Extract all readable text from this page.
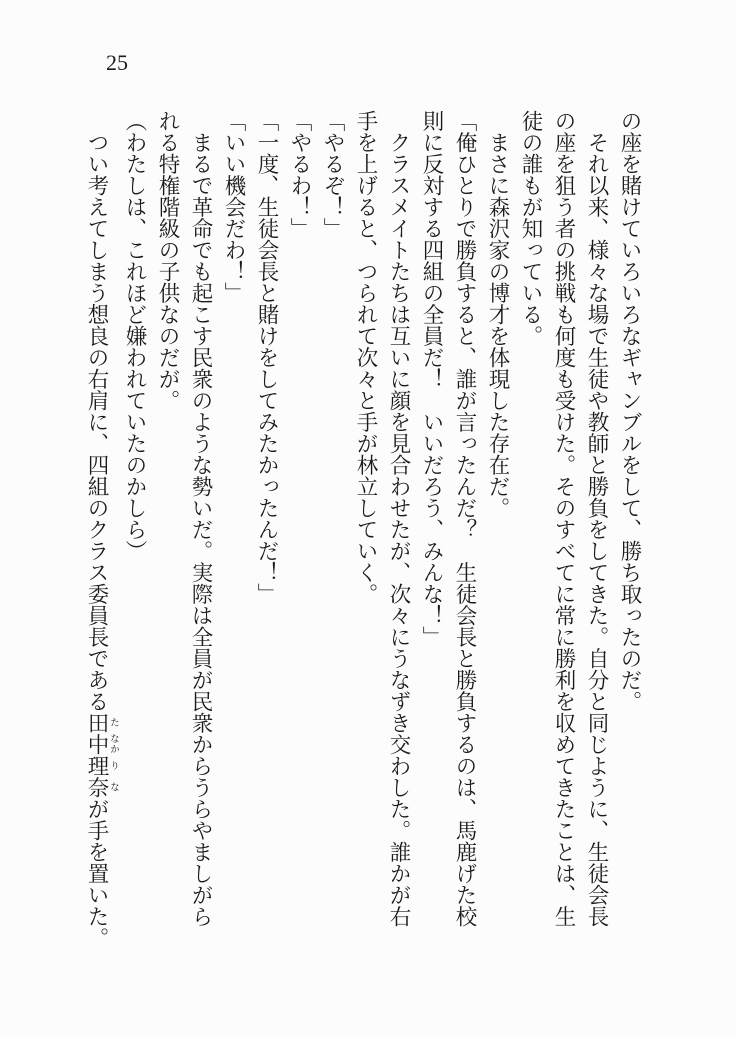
25
の座を賭けていろいろなギャンブルをして、勝ち取ったのだ。
　それ以来、様々な場で生徒や教師と勝負をしてきた。自分と同じように、生徒会長
の座を狙う者の挑戦も何度も受けた。そのすべてに常に勝利を収めてきたことは、生
徒の誰もが知っている。
　まさに森沢家の博才を体現した存在だ。
「俺ひとりで勝負すると、誰が言ったんだ？　生徒会長と勝負するのは、馬鹿げた校
則に反対する四組の全員だ！　いいだろう、みんな！」
　クラスメイトたちは互いに顔を見合わせたが、次々にうなずき交わした。誰かが右
手を上げると、つられて次々と手が林立していく。
「やるぞ！」
「やるわ！」
「一度、生徒会長と賭けをしてみたかったんだ！」
「いい機会だわ！」
　まるで革命でも起こす民衆のような勢いだ。実際は全員が民衆からうらやましがら
れる特権階級の子供なのだが。
（わたしは、これほど嫌われていたのかしら）
　つい考えてしまう想良の右肩に、四組のクラス委員長である田 た中 なか理 り奈 なが手を置いた。
